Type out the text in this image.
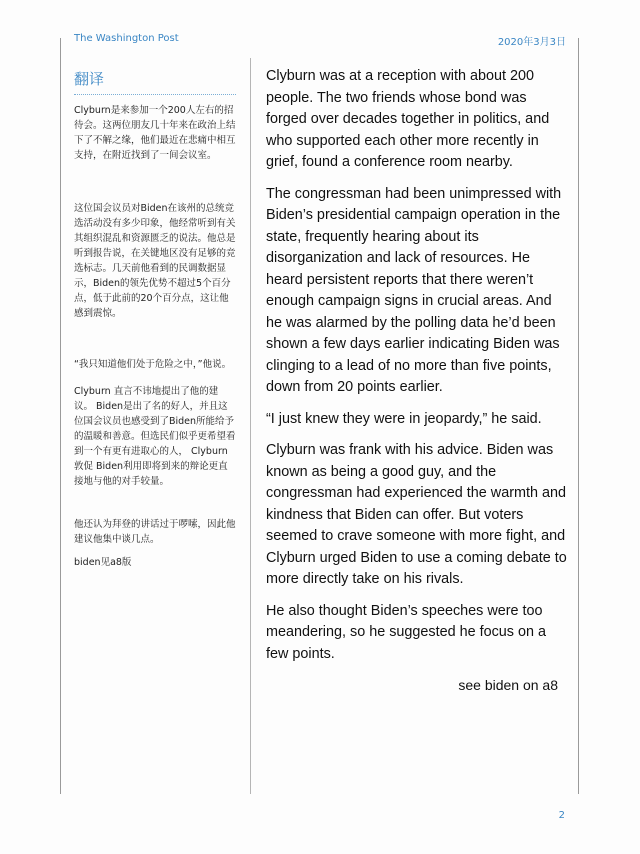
The Washington Post	2020年3月3日
翻译

Clyburn是来参加一个200人左右的招待会。这两位朋友几十年来在政治上结下了不解之缘，他们最近在悲痛中相互支持，在附近找到了一间会议室。

这位国会议员对Biden在该州的总统竞选活动没有多少印象，他经常听到有关其组织混乱和资源匮乏的说法。他总是听到报告说，在关键地区没有足够的竞选标志。几天前他看到的民调数据显示，Biden的领先优势不超过5个百分点，低于此前的20个百分点，这让他感到震惊。

“我只知道他们处于危险之中，”他说。

Clyburn 直言不讳地提出了他的建议。 Biden是出了名的好人，并且这位国会议员也感受到了Biden所能给予的温暖和善意。但选民们似乎更希望看到一个有更有进取心的人， Clyburn 敦促 Biden利用即将到来的辩论更直接地与他的对手较量。

他还认为拜登的讲话过于啰嗦，因此他建议他集中谈几点。

biden见a8版

Clyburn was at a reception with about 200 people. The two friends whose bond was forged over decades together in politics, and who supported each other more recently in grief, found a conference room nearby.

The congressman had been unimpressed with Biden’s presidential campaign operation in the state, frequently hearing about its disorganization and lack of resources. He heard persistent reports that there weren’t enough campaign signs in crucial areas. And he was alarmed by the polling data he’d been shown a few days earlier indicating Biden was clinging to a lead of no more than five points, down from 20 points earlier.

“I just knew they were in jeopardy,” he said.

Clyburn was frank with his advice. Biden was known as being a good guy, and the congressman had experienced the warmth and kindness that Biden can offer. But voters seemed to crave someone with more fight, and Clyburn urged Biden to use a coming debate to more directly take on his rivals.

He also thought Biden’s speeches were too meandering, so he suggested he focus on a few points.

see biden on a8
2
